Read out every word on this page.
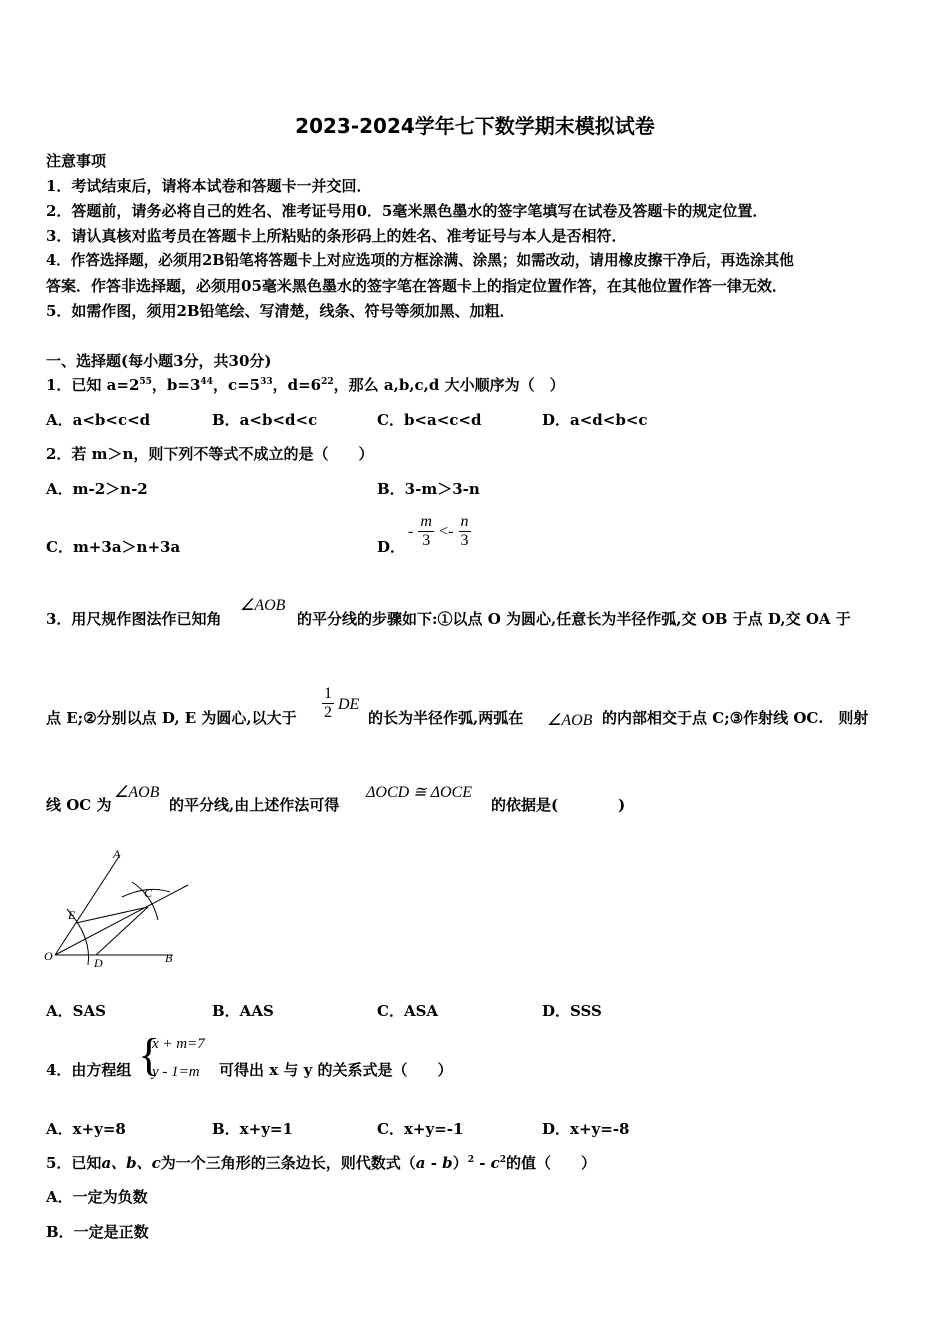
2023-2024学年七下数学期末模拟试卷
注意事项
1．考试结束后，请将本试卷和答题卡一并交回．
2．答题前，请务必将自己的姓名、准考证号用0．5毫米黑色墨水的签字笔填写在试卷及答题卡的规定位置．
3．请认真核对监考员在答题卡上所粘贴的条形码上的姓名、准考证号与本人是否相符．
4．作答选择题，必须用2B铅笔将答题卡上对应选项的方框涂满、涂黑；如需改动，请用橡皮擦干净后，再选涂其他
答案．作答非选择题，必须用05毫米黑色墨水的签字笔在答题卡上的指定位置作答，在其他位置作答一律无效．
5．如需作图，须用2B铅笔绘、写清楚，线条、符号等须加黑、加粗．
一、选择题(每小题3分，共30分)
1．已知 $a=2^{55}$，$b=3^{44}$，$c=5^{33}$，$d=6^{22}$，那么 a,b,c,d 大小顺序为（　）
A．a<b<c<d	B．a<b<d<c	C．b<a<c<d	D．a<d<b<c
2．若 m＞n，则下列不等式不成立的是（　　）
A．m-2＞n-2	B．3-m＞3-n
C．m+3a＞n+3a	D．
- $\frac{m}{3} <- \frac{n}{3}$
3．用尺规作图法作已知角
∠AOB
的平分线的步骤如下:①以点 O 为圆心,任意长为半径作弧,交 OB 于点 D,交 OA 于
点 E;②分别以点 D, E 为圆心,以大于 $\frac{1}{2}$ DE
的长为半径作弧,两弧在 ∠AOB 的内部相交于点 C;③作射线 OC.　则射
线 OC 为
∠AOB
的平分线,由上述作法可得
ΔOCD ≅ ΔOCE
的依据是(　　　　)
A
B
C
D
E
O
A．SAS	B．AAS	C．ASA	D．SSS
4．由方程组 {
x + m=7
y - 1=m 可得出 x 与 y 的关系式是（　　）
A．x+y=8	B．x+y=1	C．x+y=-1	D．x+y=-8
5．已知a、b、c为一个三角形的三条边长，则代数式$(a - b)^2 - c^2$的值（　　）
A．一定为负数
B．一定是正数
